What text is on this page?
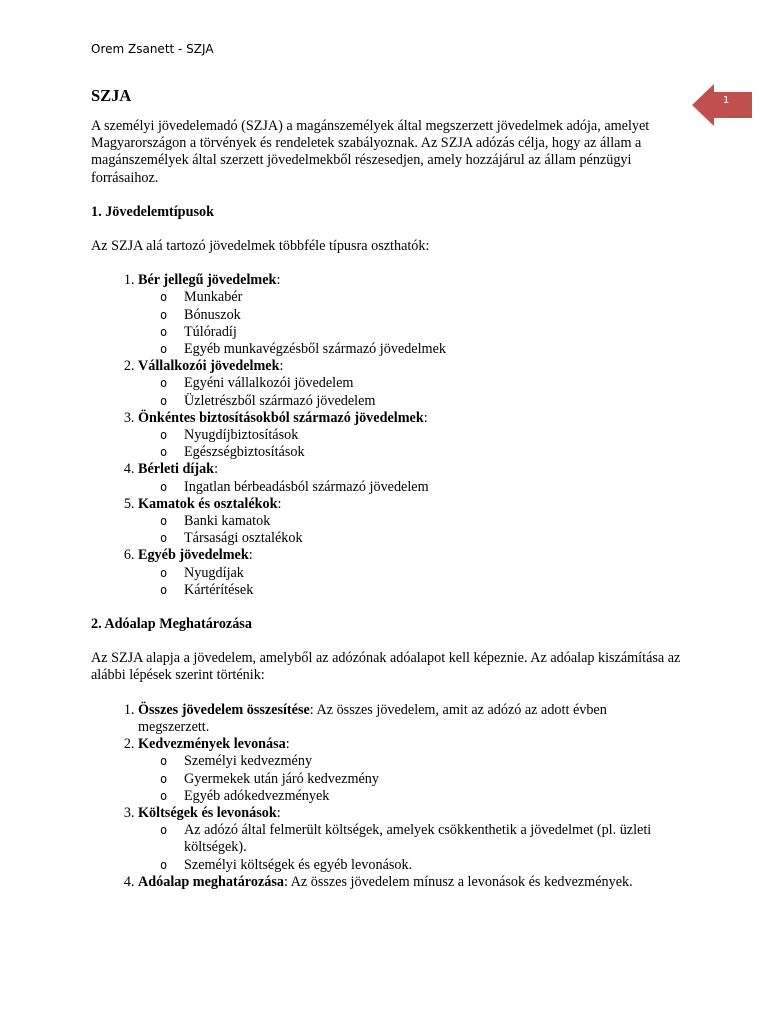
Orem Zsanett - SZJA
1
SZJA

A személyi jövedelemadó (SZJA) a magánszemélyek által megszerzett jövedelmek adója, amelyet Magyarországon a törvények és rendeletek szabályoznak. Az SZJA adózás célja, hogy az állam a magánszemélyek által szerzett jövedelmekből részesedjen, amely hozzájárul az állam pénzügyi forrásaihoz.

1. Jövedelemtípusok

Az SZJA alá tartozó jövedelmek többféle típusra oszthatók:

1. Bér jellegű jövedelmek:
o Munkabér
o Bónuszok
o Túlóradíj
o Egyéb munkavégzésből származó jövedelmek
2. Vállalkozói jövedelmek:
o Egyéni vállalkozói jövedelem
o Üzletrészből származó jövedelem
3. Önkéntes biztosításokból származó jövedelmek:
o Nyugdíjbiztosítások
o Egészségbiztosítások
4. Bérleti díjak:
o Ingatlan bérbeadásból származó jövedelem
5. Kamatok és osztalékok:
o Banki kamatok
o Társasági osztalékok
6. Egyéb jövedelmek:
o Nyugdíjak
o Kártérítések
2. Adóalap Meghatározása

Az SZJA alapja a jövedelem, amelyből az adózónak adóalapot kell képeznie. Az adóalap kiszámítása az alábbi lépések szerint történik:

1. Összes jövedelem összesítése: Az összes jövedelem, amit az adózó az adott évben megszerzett.
2. Kedvezmények levonása:
o Személyi kedvezmény
o Gyermekek után járó kedvezmény
o Egyéb adókedvezmények
3. Költségek és levonások:
o Az adózó által felmerült költségek, amelyek csökkenthetik a jövedelmet (pl. üzleti költségek).
o Személyi költségek és egyéb levonások.
4. Adóalap meghatározása: Az összes jövedelem mínusz a levonások és kedvezmények.
